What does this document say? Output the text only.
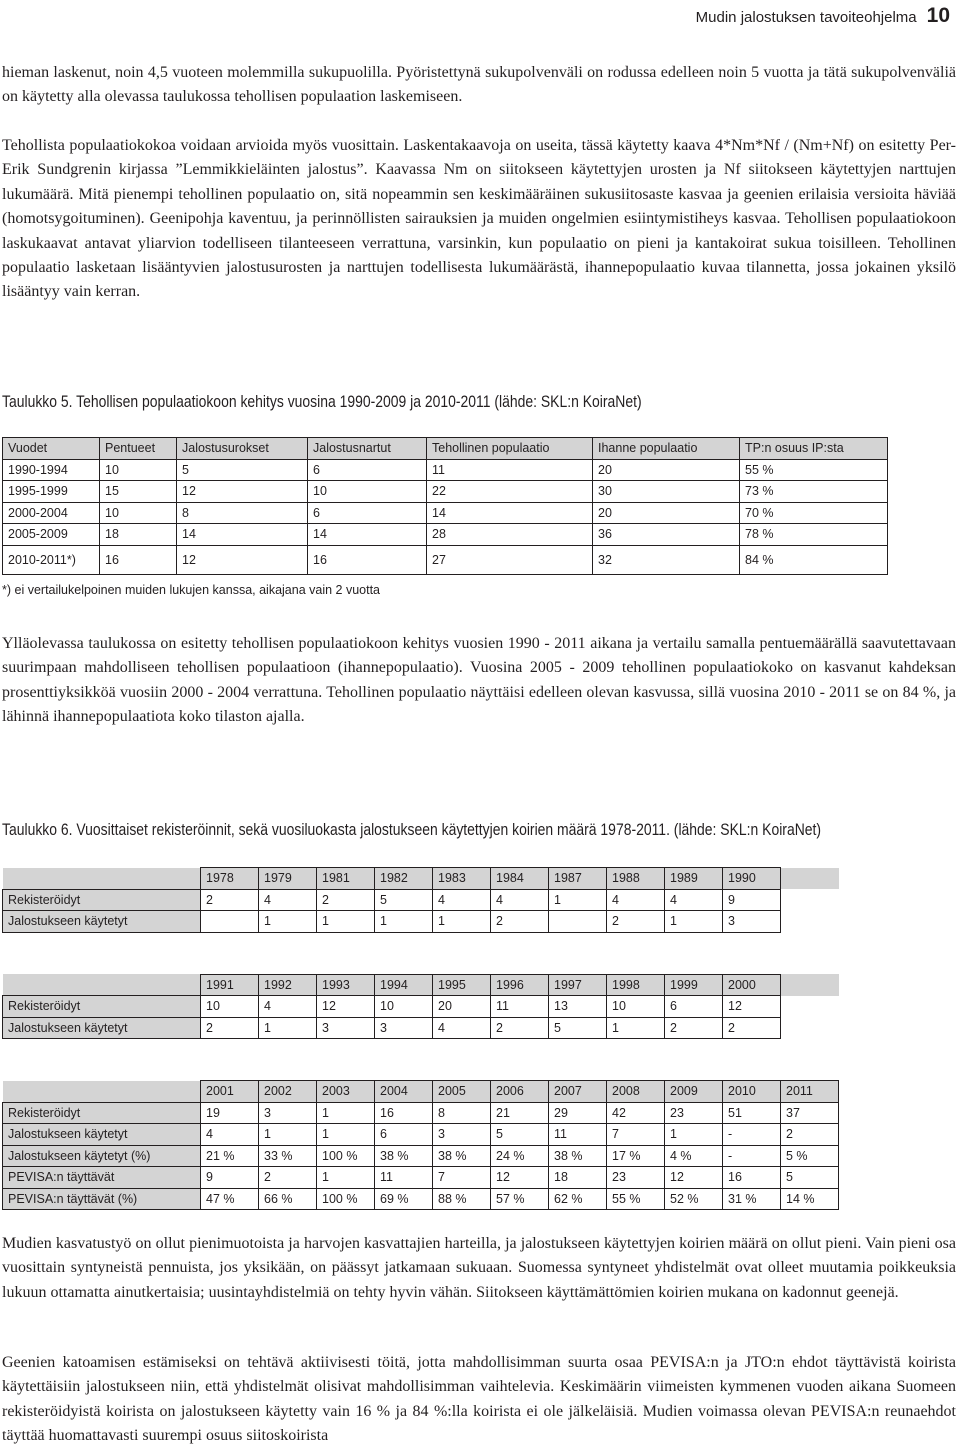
Mudin jalostuksen tavoiteohjelma 10

hieman laskenut, noin 4,5 vuoteen molemmilla sukupuolilla. Pyöristettynä sukupolvenväli on rodussa edelleen noin 5 vuotta ja tätä sukupolvenväliä on käytetty alla olevassa taulukossa tehollisen populaation laskemiseen.

Tehollista populaatiokokoa voidaan arvioida myös vuosittain. Laskentakaavoja on useita, tässä käytetty kaava 4*Nm*Nf / (Nm+Nf) on esitetty Per-Erik Sundgrenin kirjassa ”Lemmikkieläinten jalostus”. Kaavassa Nm on siitokseen käytettyjen urosten ja Nf siitokseen käytettyjen narttujen lukumäärä. Mitä pienempi tehollinen populaatio on, sitä nopeammin sen keskimääräinen sukusiitosaste kasvaa ja geenien erilaisia versioita häviää (homotsygoituminen). Geenipohja kaventuu, ja perinnöllisten sairauksien ja muiden ongelmien esiintymistiheys kasvaa. Tehollisen populaatiokoon laskukaavat antavat yliarvion todelliseen tilanteeseen verrattuna, varsinkin, kun populaatio on pieni ja kantakoirat sukua toisilleen. Tehollinen populaatio lasketaan lisääntyvien jalostusurosten ja narttujen todellisesta lukumäärästä, ihannepopulaatio kuvaa tilannetta, jossa jokainen yksilö lisääntyy vain kerran.

Taulukko 5. Tehollisen populaatiokoon kehitys vuosina 1990-2009 ja 2010-2011 (lähde: SKL:n KoiraNet)

Vuodet	Pentueet	Jalostusurokset	Jalostusnartut	Tehollinen populaatio	Ihanne populaatio	TP:n osuus IP:sta
1990-1994	10	5	6	11	20	55 %
1995-1999	15	12	10	22	30	73 %
2000-2004	10	8	6	14	20	70 %
2005-2009	18	14	14	28	36	78 %
2010-2011*)	16	12	16	27	32	84 %

*) ei vertailukelpoinen muiden lukujen kanssa, aikajana vain 2 vuotta

Ylläolevassa taulukossa on esitetty tehollisen populaatiokoon kehitys vuosien 1990 - 2011 aikana ja vertailu samalla pentuemäärällä saavutettavaan suurimpaan mahdolliseen tehollisen populaatioon (ihannepopulaatio). Vuosina 2005 - 2009 tehollinen populaatiokoko on kasvanut kahdeksan prosenttiyksikköä vuosiin 2000 - 2004 verrattuna. Tehollinen populaatio näyttäisi edelleen olevan kasvussa, sillä vuosina 2010 - 2011 se on 84 %, ja lähinnä ihannepopulaatiota koko tilaston ajalla.

Taulukko 6. Vuosittaiset rekisteröinnit, sekä vuosiluokasta jalostukseen käytettyjen koirien määrä 1978-2011. (lähde: SKL:n KoiraNet)

	1978	1979	1981	1982	1983	1984	1987	1988	1989	1990	
Rekisteröidyt	2	4	2	5	4	4	1	4	4	9	
Jalostukseen käytetyt		1	1	1	1	2		2	1	3	

	1991	1992	1993	1994	1995	1996	1997	1998	1999	2000	
Rekisteröidyt	10	4	12	10	20	11	13	10	6	12	
Jalostukseen käytetyt	2	1	3	3	4	2	5	1	2	2	

	2001	2002	2003	2004	2005	2006	2007	2008	2009	2010	2011
Rekisteröidyt	19	3	1	16	8	21	29	42	23	51	37
Jalostukseen käytetyt	4	1	1	6	3	5	11	7	1	-	2
Jalostukseen käytetyt (%)	21 %	33 %	100 %	38 %	38 %	24 %	38 %	17 %	4 %	-	5 %
PEVISA:n täyttävät	9	2	1	11	7	12	18	23	12	16	5
PEVISA:n täyttävät (%)	47 %	66 %	100 %	69 %	88 %	57 %	62 %	55 %	52 %	31 %	14 %

Mudien kasvatustyö on ollut pienimuotoista ja harvojen kasvattajien harteilla, ja jalostukseen käytettyjen koirien määrä on ollut pieni. Vain pieni osa vuosittain syntyneistä pennuista, jos yksikään, on päässyt jatkamaan sukuaan. Suomessa syntyneet yhdistelmät ovat olleet muutamia poikkeuksia lukuun ottamatta ainutkertaisia; uusintayhdistelmiä on tehty hyvin vähän. Siitokseen käyttämättömien koirien mukana on kadonnut geenejä.

Geenien katoamisen estämiseksi on tehtävä aktiivisesti töitä, jotta mahdollisimman suurta osaa PEVISA:n ja JTO:n ehdot täyttävistä koirista käytettäisiin jalostukseen niin, että yhdistelmät olisivat mahdollisimman vaihtelevia. Keskimäärin viimeisten kymmenen vuoden aikana Suomeen rekisteröidyistä koirista on jalostukseen käytetty vain 16 % ja 84 %:lla koirista ei ole jälkeläisiä. Mudien voimassa olevan PEVISA:n reunaehdot täyttää huomattavasti suurempi osuus siitoskoirista
